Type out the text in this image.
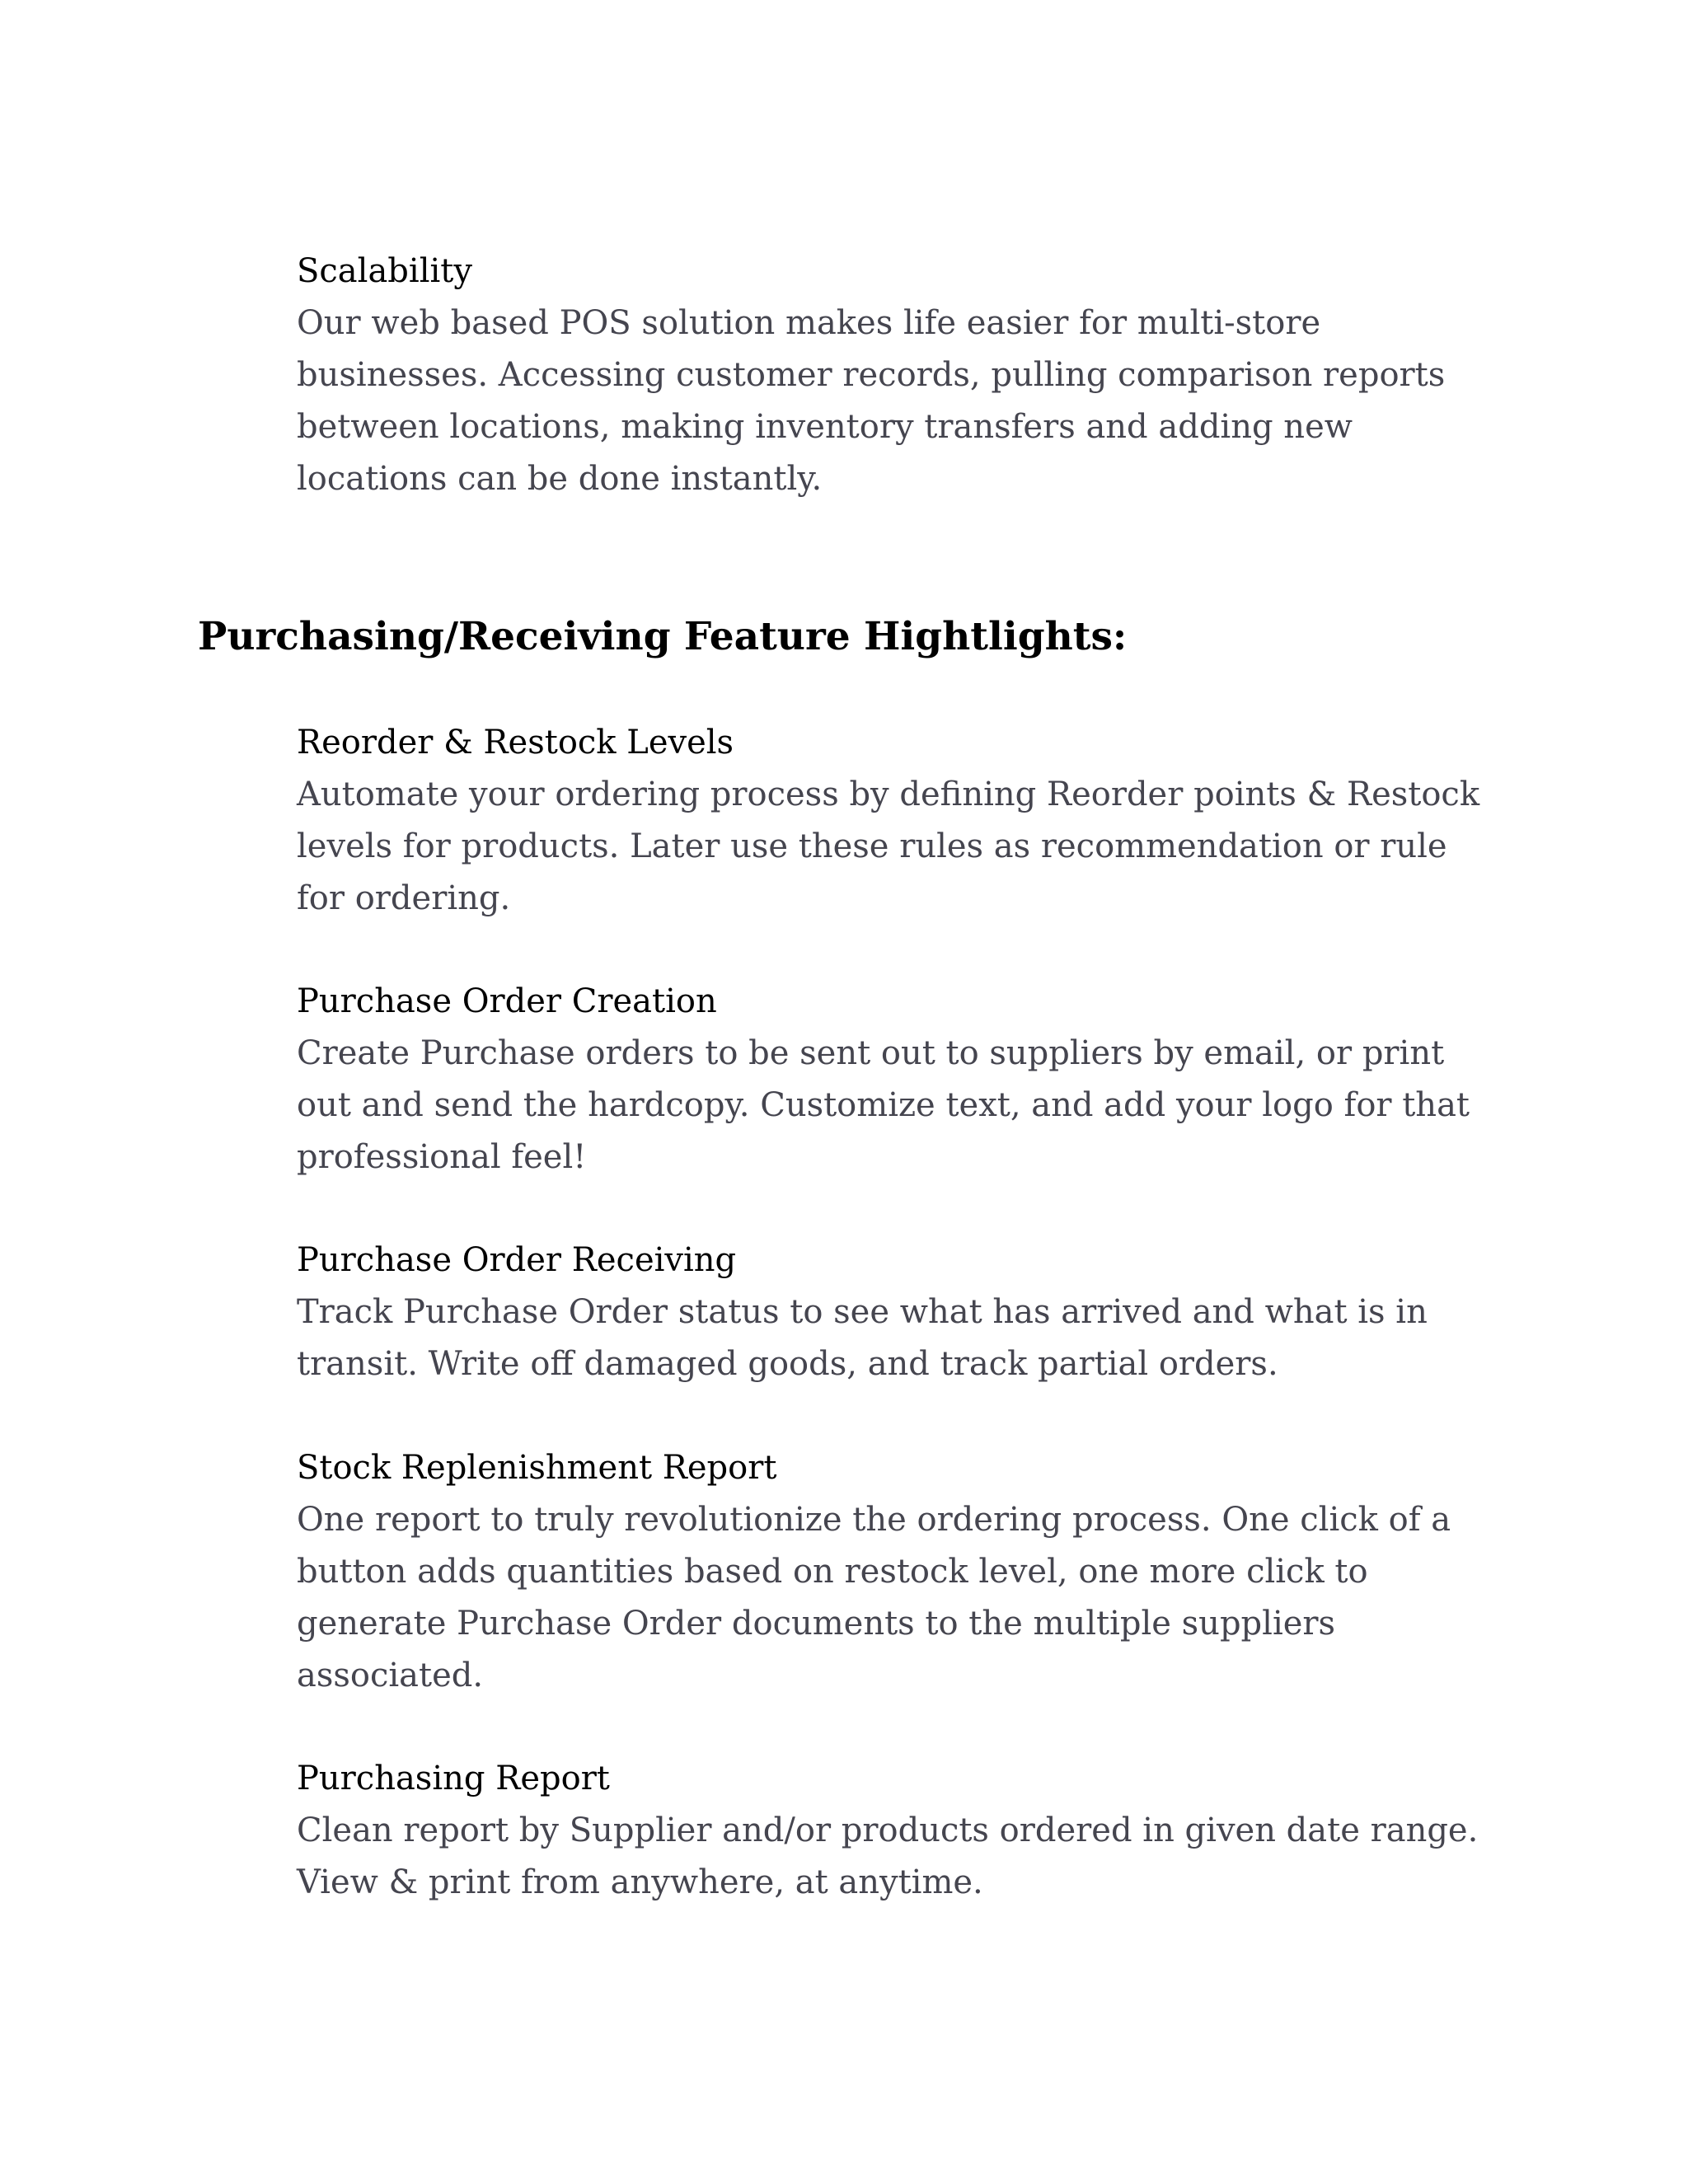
Scalability

Our web based POS solution makes life easier for multi-store businesses. Accessing customer records, pulling comparison reports between locations, making inventory transfers and adding new locations can be done instantly.

Purchasing/Receiving Feature Hightlights:
Reorder & Restock Levels

Automate your ordering process by defining Reorder points & Restock levels for products. Later use these rules as recommendation or rule for ordering.

Purchase Order Creation

Create Purchase orders to be sent out to suppliers by email, or print out and send the hardcopy. Customize text, and add your logo for that professional feel!

Purchase Order Receiving

Track Purchase Order status to see what has arrived and what is in transit. Write off damaged goods, and track partial orders.

Stock Replenishment Report

One report to truly revolutionize the ordering process. One click of a button adds quantities based on restock level, one more click to generate Purchase Order documents to the multiple suppliers associated.

Purchasing Report

Clean report by Supplier and/or products ordered in given date range. View & print from anywhere, at anytime.
